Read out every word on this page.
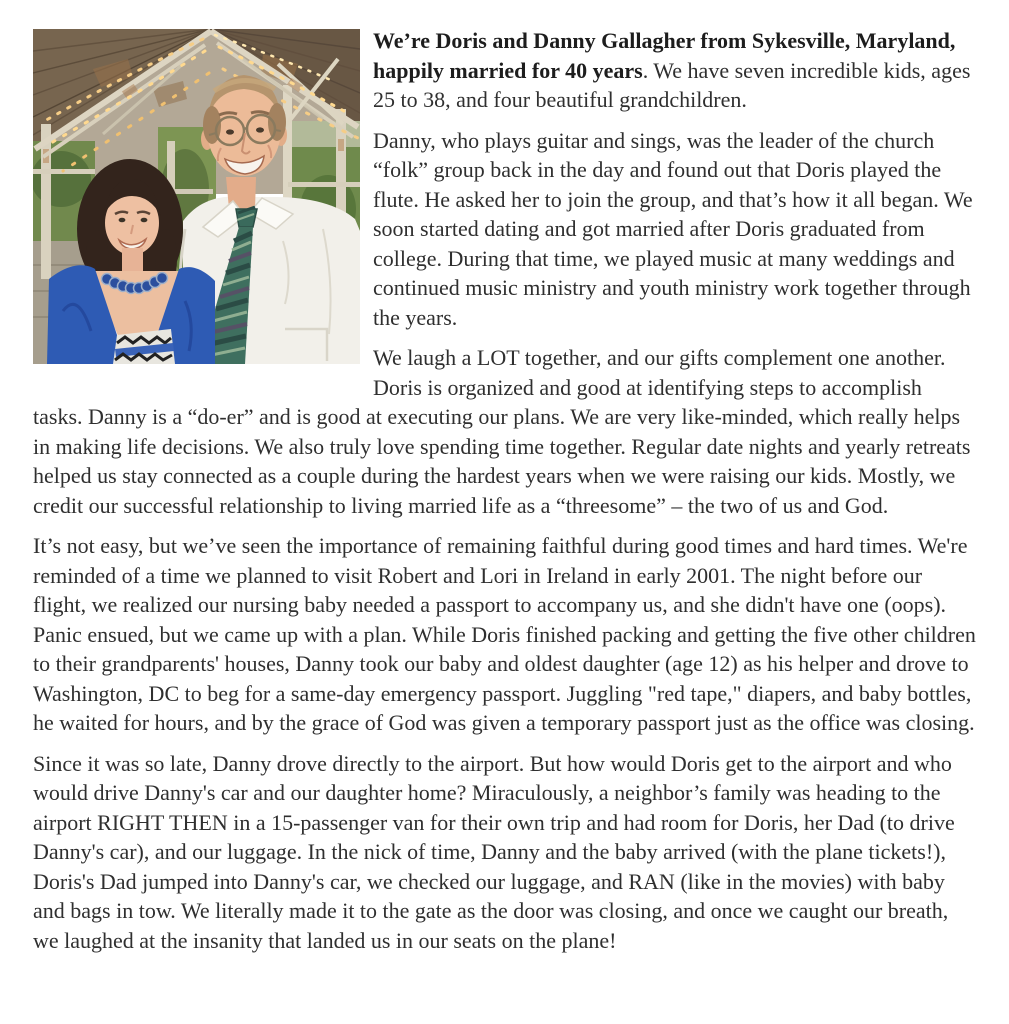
We’re Doris and Danny Gallagher from Sykesville, Maryland, happily married for 40 years. We have seven incredible kids, ages 25 to 38, and four beautiful grandchildren.

Danny, who plays guitar and sings, was the leader of the church “folk” group back in the day and found out that Doris played the flute. He asked her to join the group, and that’s how it all began. We soon started dating and got married after Doris graduated from college. During that time, we played music at many weddings and continued music ministry and youth ministry work together through the years.

We laugh a LOT together, and our gifts complement one another. Doris is organized and good at identifying steps to accomplish tasks. Danny is a “do-er” and is good at executing our plans. We are very like-minded, which really helps in making life decisions. We also truly love spending time together. Regular date nights and yearly retreats helped us stay connected as a couple during the hardest years when we were raising our kids. Mostly, we credit our successful relationship to living married life as a “threesome” – the two of us and God.

It’s not easy, but we’ve seen the importance of remaining faithful during good times and hard times. We're reminded of a time we planned to visit Robert and Lori in Ireland in early 2001. The night before our flight, we realized our nursing baby needed a passport to accompany us, and she didn't have one (oops). Panic ensued, but we came up with a plan. While Doris finished packing and getting the five other children to their grandparents' houses, Danny took our baby and oldest daughter (age 12) as his helper and drove to Washington, DC to beg for a same-day emergency passport. Juggling "red tape," diapers, and baby bottles, he waited for hours, and by the grace of God was given a temporary passport just as the office was closing.

Since it was so late, Danny drove directly to the airport. But how would Doris get to the airport and who would drive Danny's car and our daughter home? Miraculously, a neighbor’s family was heading to the airport RIGHT THEN in a 15-passenger van for their own trip and had room for Doris, her Dad (to drive Danny's car), and our luggage. In the nick of time, Danny and the baby arrived (with the plane tickets!), Doris's Dad jumped into Danny's car, we checked our luggage, and RAN (like in the movies) with baby and bags in tow. We literally made it to the gate as the door was closing, and once we caught our breath, we laughed at the insanity that landed us in our seats on the plane!
